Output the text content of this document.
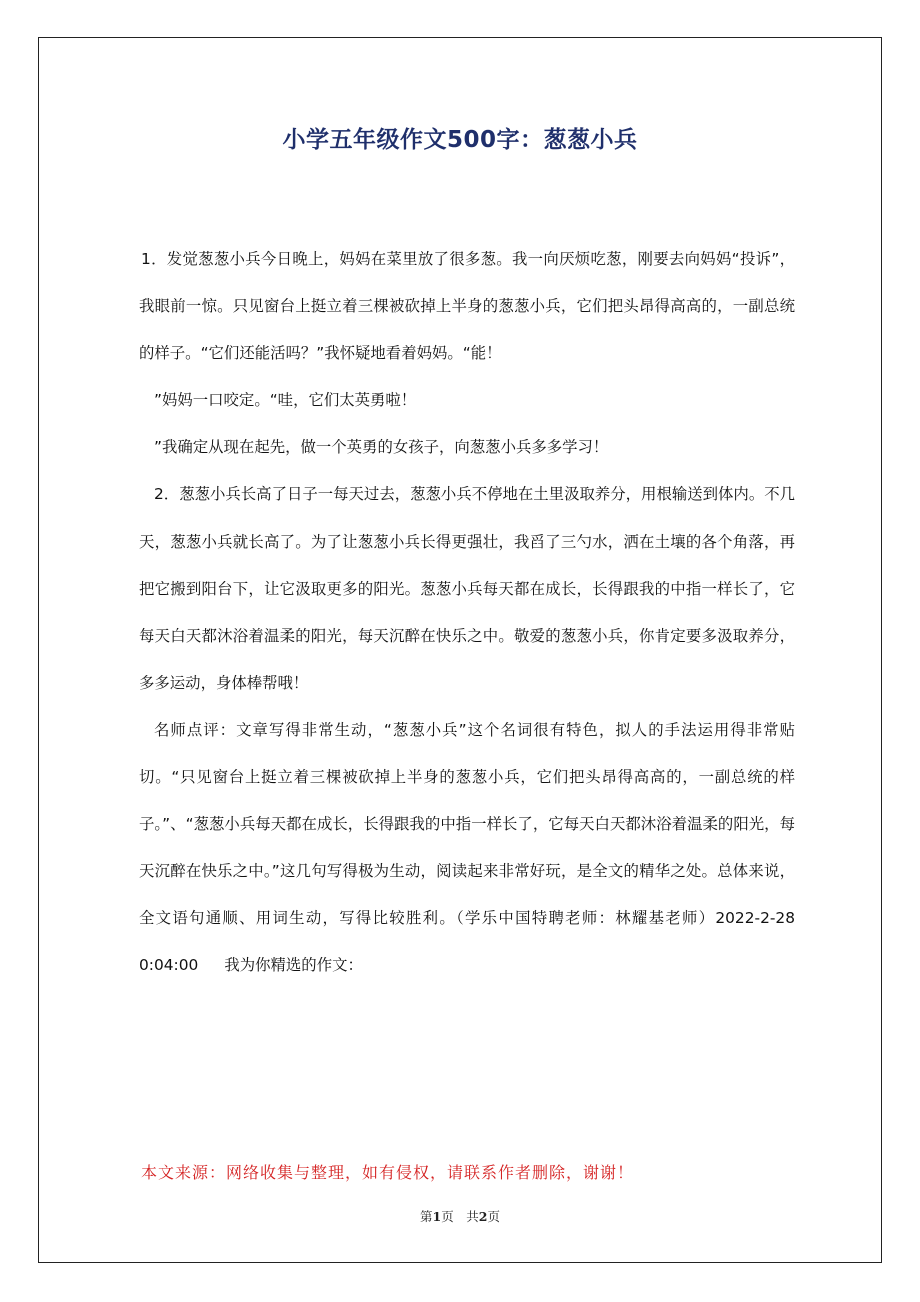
小学五年级作文500字：葱葱小兵

1．发觉葱葱小兵今日晚上，妈妈在菜里放了很多葱。我一向厌烦吃葱，刚要去向妈妈“投诉”，我眼前一惊。只见窗台上挺立着三棵被砍掉上半身的葱葱小兵，它们把头昂得高高的，一副总统的样子。“它们还能活吗？”我怀疑地看着妈妈。“能！

”妈妈一口咬定。“哇，它们太英勇啦！

”我确定从现在起先，做一个英勇的女孩子，向葱葱小兵多多学习！

2．葱葱小兵长高了日子一每天过去，葱葱小兵不停地在土里汲取养分，用根输送到体内。不几天，葱葱小兵就长高了。为了让葱葱小兵长得更强壮，我舀了三勺水，洒在土壤的各个角落，再把它搬到阳台下，让它汲取更多的阳光。葱葱小兵每天都在成长，长得跟我的中指一样长了，它每天白天都沐浴着温柔的阳光，每天沉醉在快乐之中。敬爱的葱葱小兵，你肯定要多汲取养分，多多运动，身体棒帮哦！

名师点评：文章写得非常生动，“葱葱小兵”这个名词很有特色，拟人的手法运用得非常贴切。“只见窗台上挺立着三棵被砍掉上半身的葱葱小兵，它们把头昂得高高的，一副总统的样子。”、“葱葱小兵每天都在成长，长得跟我的中指一样长了，它每天白天都沐浴着温柔的阳光，每天沉醉在快乐之中。”这几句写得极为生动，阅读起来非常好玩，是全文的精华之处。总体来说，全文语句通顺、用词生动，写得比较胜利。（学乐中国特聘老师：林耀基老师）2022-2-28 0:04:00 我为你精选的作文：

本文来源：网络收集与整理，如有侵权，请联系作者删除，谢谢！
第1页　共2页
